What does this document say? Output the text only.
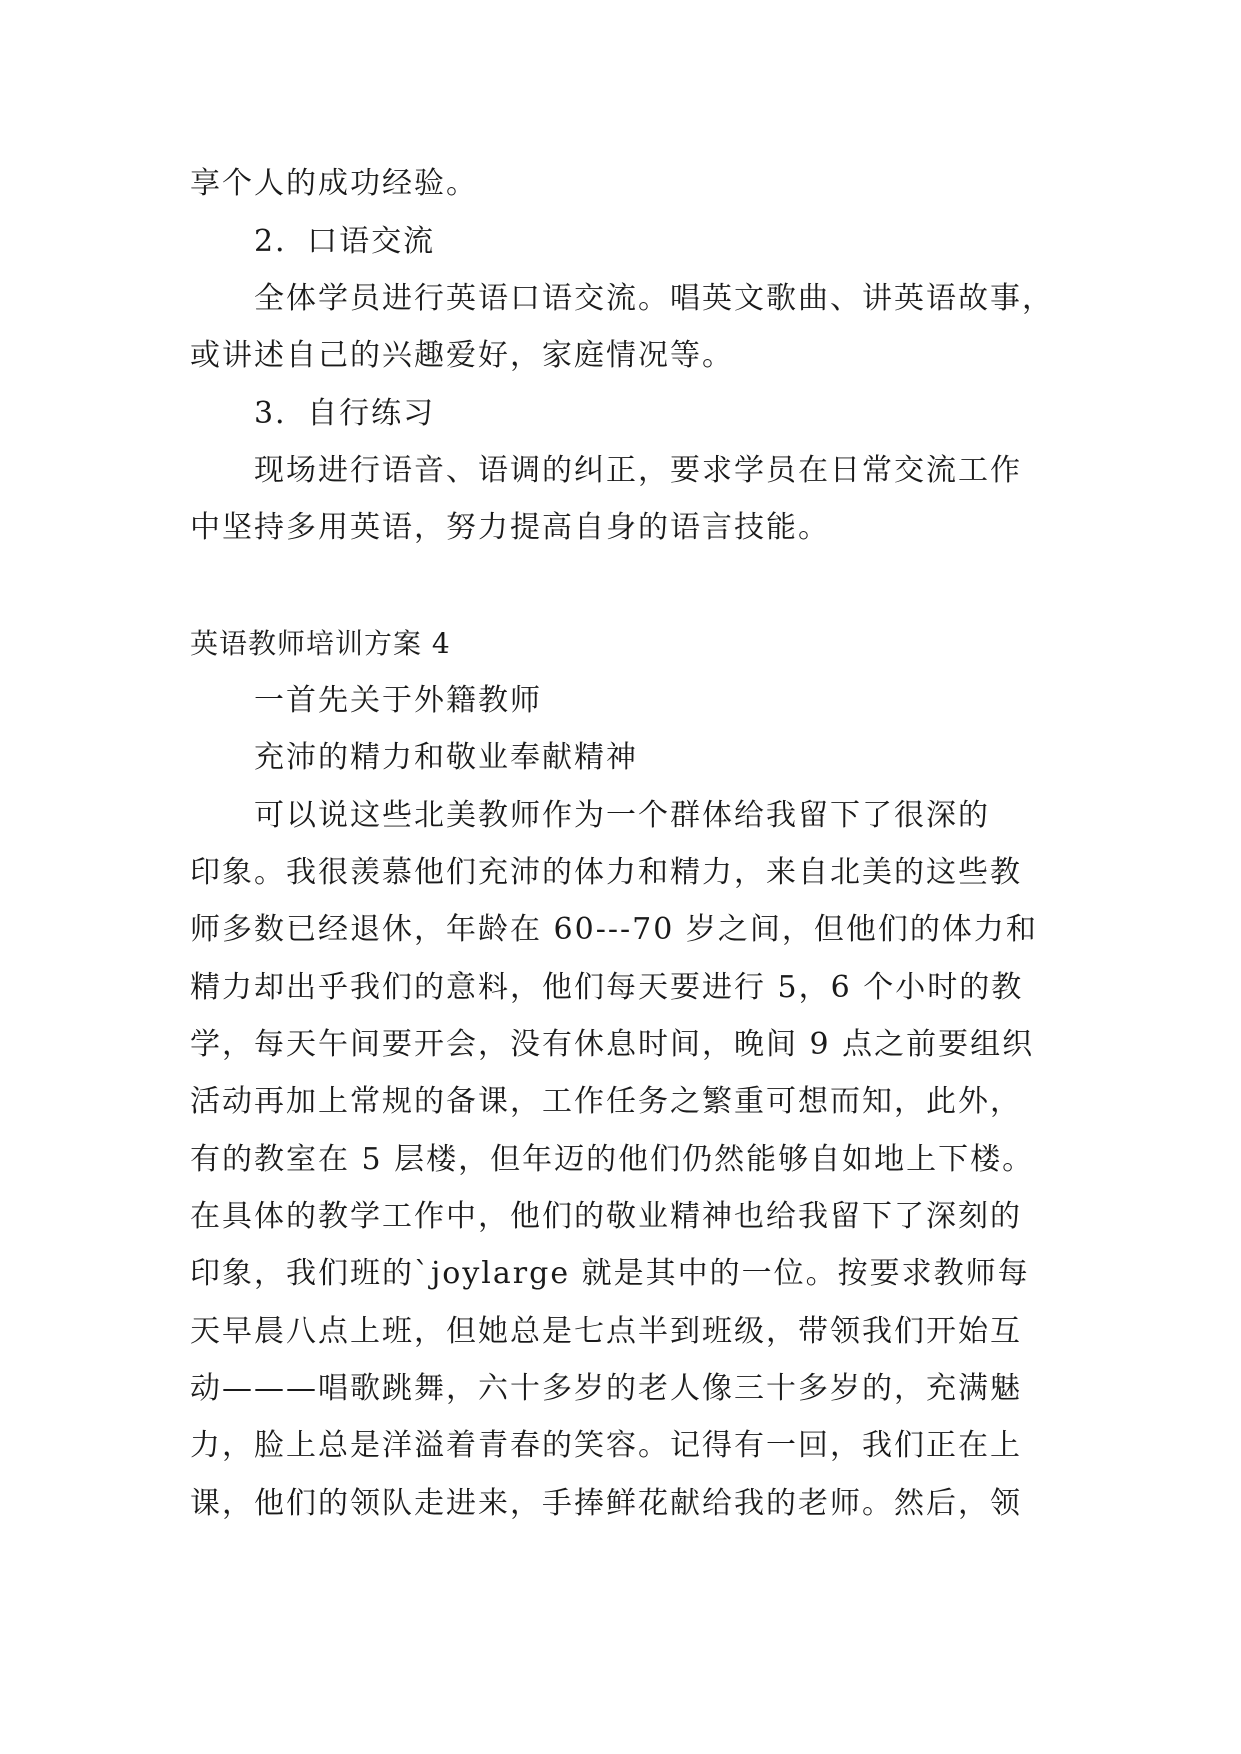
享个人的成功经验。

2．口语交流

全体学员进行英语口语交流。唱英文歌曲、讲英语故事，

或讲述自己的兴趣爱好，家庭情况等。

3．自行练习

现场进行语音、语调的纠正，要求学员在日常交流工作

中坚持多用英语，努力提高自身的语言技能。

英语教师培训方案 4

一首先关于外籍教师

充沛的精力和敬业奉献精神

可以说这些北美教师作为一个群体给我留下了很深的

印象。我很羡慕他们充沛的体力和精力，来自北美的这些教

师多数已经退休，年龄在 60---70 岁之间，但他们的体力和

精力却出乎我们的意料，他们每天要进行 5，6 个小时的教

学，每天午间要开会，没有休息时间，晚间 9 点之前要组织

活动再加上常规的备课，工作任务之繁重可想而知，此外，

有的教室在 5 层楼，但年迈的他们仍然能够自如地上下楼。

在具体的教学工作中，他们的敬业精神也给我留下了深刻的

印象，我们班的`joylarge 就是其中的一位。按要求教师每

天早晨八点上班，但她总是七点半到班级，带领我们开始互

动———唱歌跳舞，六十多岁的老人像三十多岁的，充满魅

力，脸上总是洋溢着青春的笑容。记得有一回，我们正在上

课，他们的领队走进来，手捧鲜花献给我的老师。然后，领
